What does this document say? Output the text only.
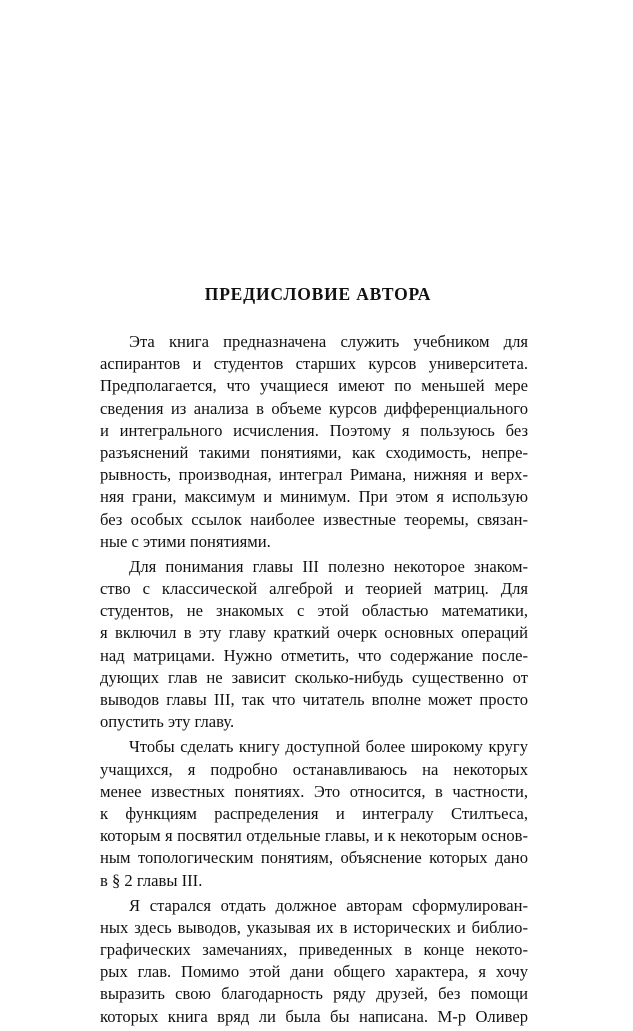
ПРЕДИСЛОВИЕ АВТОРА
Эта книга предназначена служить учебником для
аспирантов и студентов старших курсов университета.
Предполагается, что учащиеся имеют по меньшей мере
сведения из анализа в объеме курсов дифференциального
и интегрального исчисления. Поэтому я пользуюсь без
разъяснений такими понятиями, как сходимость, непре-
рывность, производная, интеграл Римана, нижняя и верх-
няя грани, максимум и минимум. При этом я использую
без особых ссылок наиболее известные теоремы, связан-
ные с этими понятиями.
Для понимания главы III полезно некоторое знаком-
ство с классической алгеброй и теорией матриц. Для
студентов, не знакомых с этой областью математики,
я включил в эту главу краткий очерк основных операций
над матрицами. Нужно отметить, что содержание после-
дующих глав не зависит сколько-нибудь существенно от
выводов главы III, так что читатель вполне может просто
опустить эту главу.
Чтобы сделать книгу доступной более широкому кругу
учащихся, я подробно останавливаюсь на некоторых
менее известных понятиях. Это относится, в частности,
к функциям распределения и интегралу Стилтьеса,
которым я посвятил отдельные главы, и к некоторым основ-
ным топологическим понятиям, объяснение которых дано
в § 2 главы III.
Я старался отдать должное авторам сформулирован-
ных здесь выводов, указывая их в исторических и библио-
графических замечаниях, приведенных в конце некото-
рых глав. Помимо этой дани общего характера, я хочу
выразить свою благодарность ряду друзей, без помощи
которых книга вряд ли была бы написана. М-р Оливер
